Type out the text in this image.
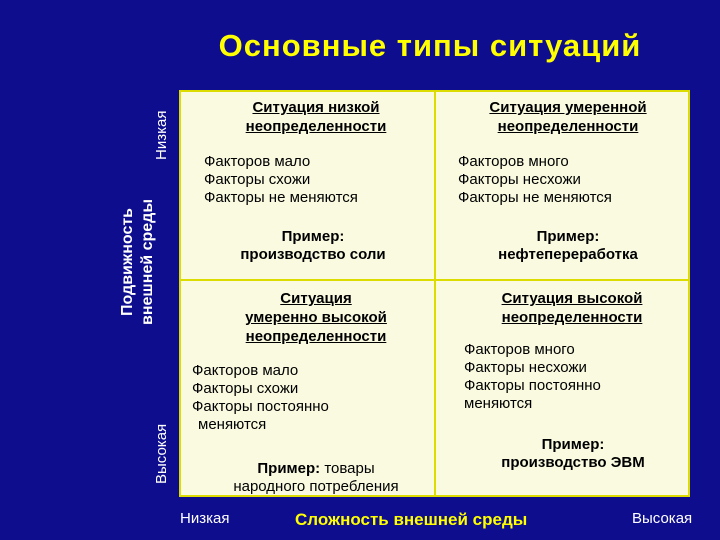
Основные типы ситуаций
Низкая
Высокая
Подвижность внешней среды
Ситуация низкой
неопределенности
Факторов мало
Факторы схожи
Факторы не меняются
Пример:
производство соли
Ситуация умеренной
неопределенности
Факторов много
Факторы несхожи
Факторы не меняются
Пример:
нефтепереработка
Ситуация
умеренно высокой
неопределенности
Факторов мало
Факторы схожи
Факторы постоянно
меняются
Пример: товары
народного потребления
Ситуация высокой
неопределенности
Факторов много
Факторы несхожи
Факторы постоянно
меняются
Пример:
производство ЭВМ
Низкая	Сложность внешней среды	Высокая
